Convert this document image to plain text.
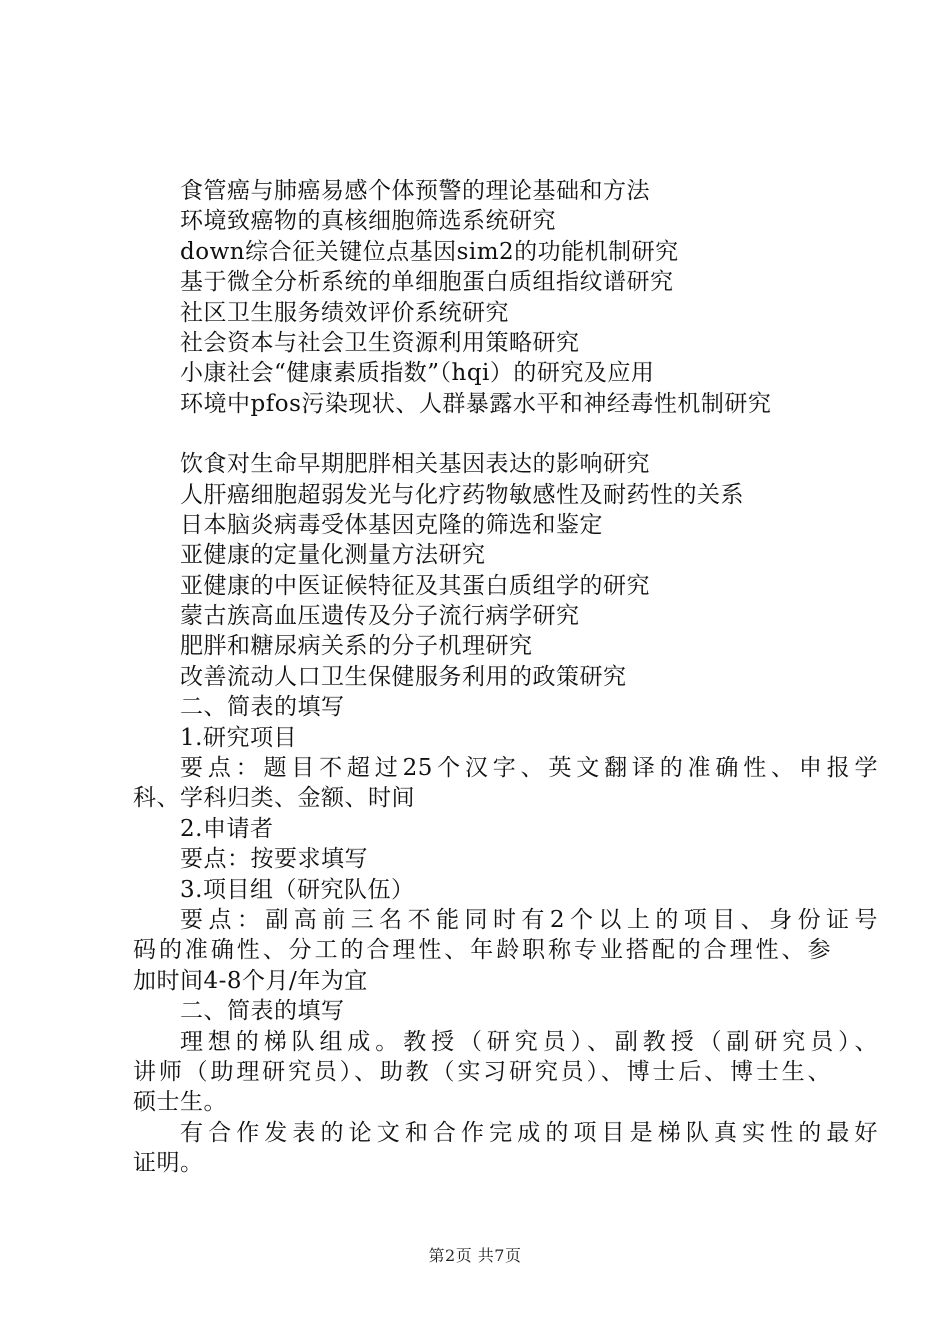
食管癌与肺癌易感个体预警的理论基础和方法
环境致癌物的真核细胞筛选系统研究
down综合征关键位点基因sim2的功能机制研究
基于微全分析系统的单细胞蛋白质组指纹谱研究
社区卫生服务绩效评价系统研究
社会资本与社会卫生资源利用策略研究
小康社会“健康素质指数”（hqi）的研究及应用
环境中pfos污染现状、人群暴露水平和神经毒性机制研究
饮食对生命早期肥胖相关基因表达的影响研究
人肝癌细胞超弱发光与化疗药物敏感性及耐药性的关系
日本脑炎病毒受体基因克隆的筛选和鉴定
亚健康的定量化测量方法研究
亚健康的中医证候特征及其蛋白质组学的研究
蒙古族高血压遗传及分子流行病学研究
肥胖和糖尿病关系的分子机理研究
改善流动人口卫生保健服务利用的政策研究
二、简表的填写
1.研究项目
要点：题目不超过25个汉字、英文翻译的准确性、申报学
科、学科归类、金额、时间
2.申请者
要点：按要求填写
3.项目组（研究队伍）
要点：副高前三名不能同时有2个以上的项目、身份证号
码的准确性、分工的合理性、年龄职称专业搭配的合理性、参
加时间4-8个月/年为宜
二、简表的填写
理想的梯队组成。教授（研究员）、副教授（副研究员）、
讲师（助理研究员）、助教（实习研究员）、博士后、博士生、
硕士生。
有合作发表的论文和合作完成的项目是梯队真实性的最好
证明。
第2页 共7页
